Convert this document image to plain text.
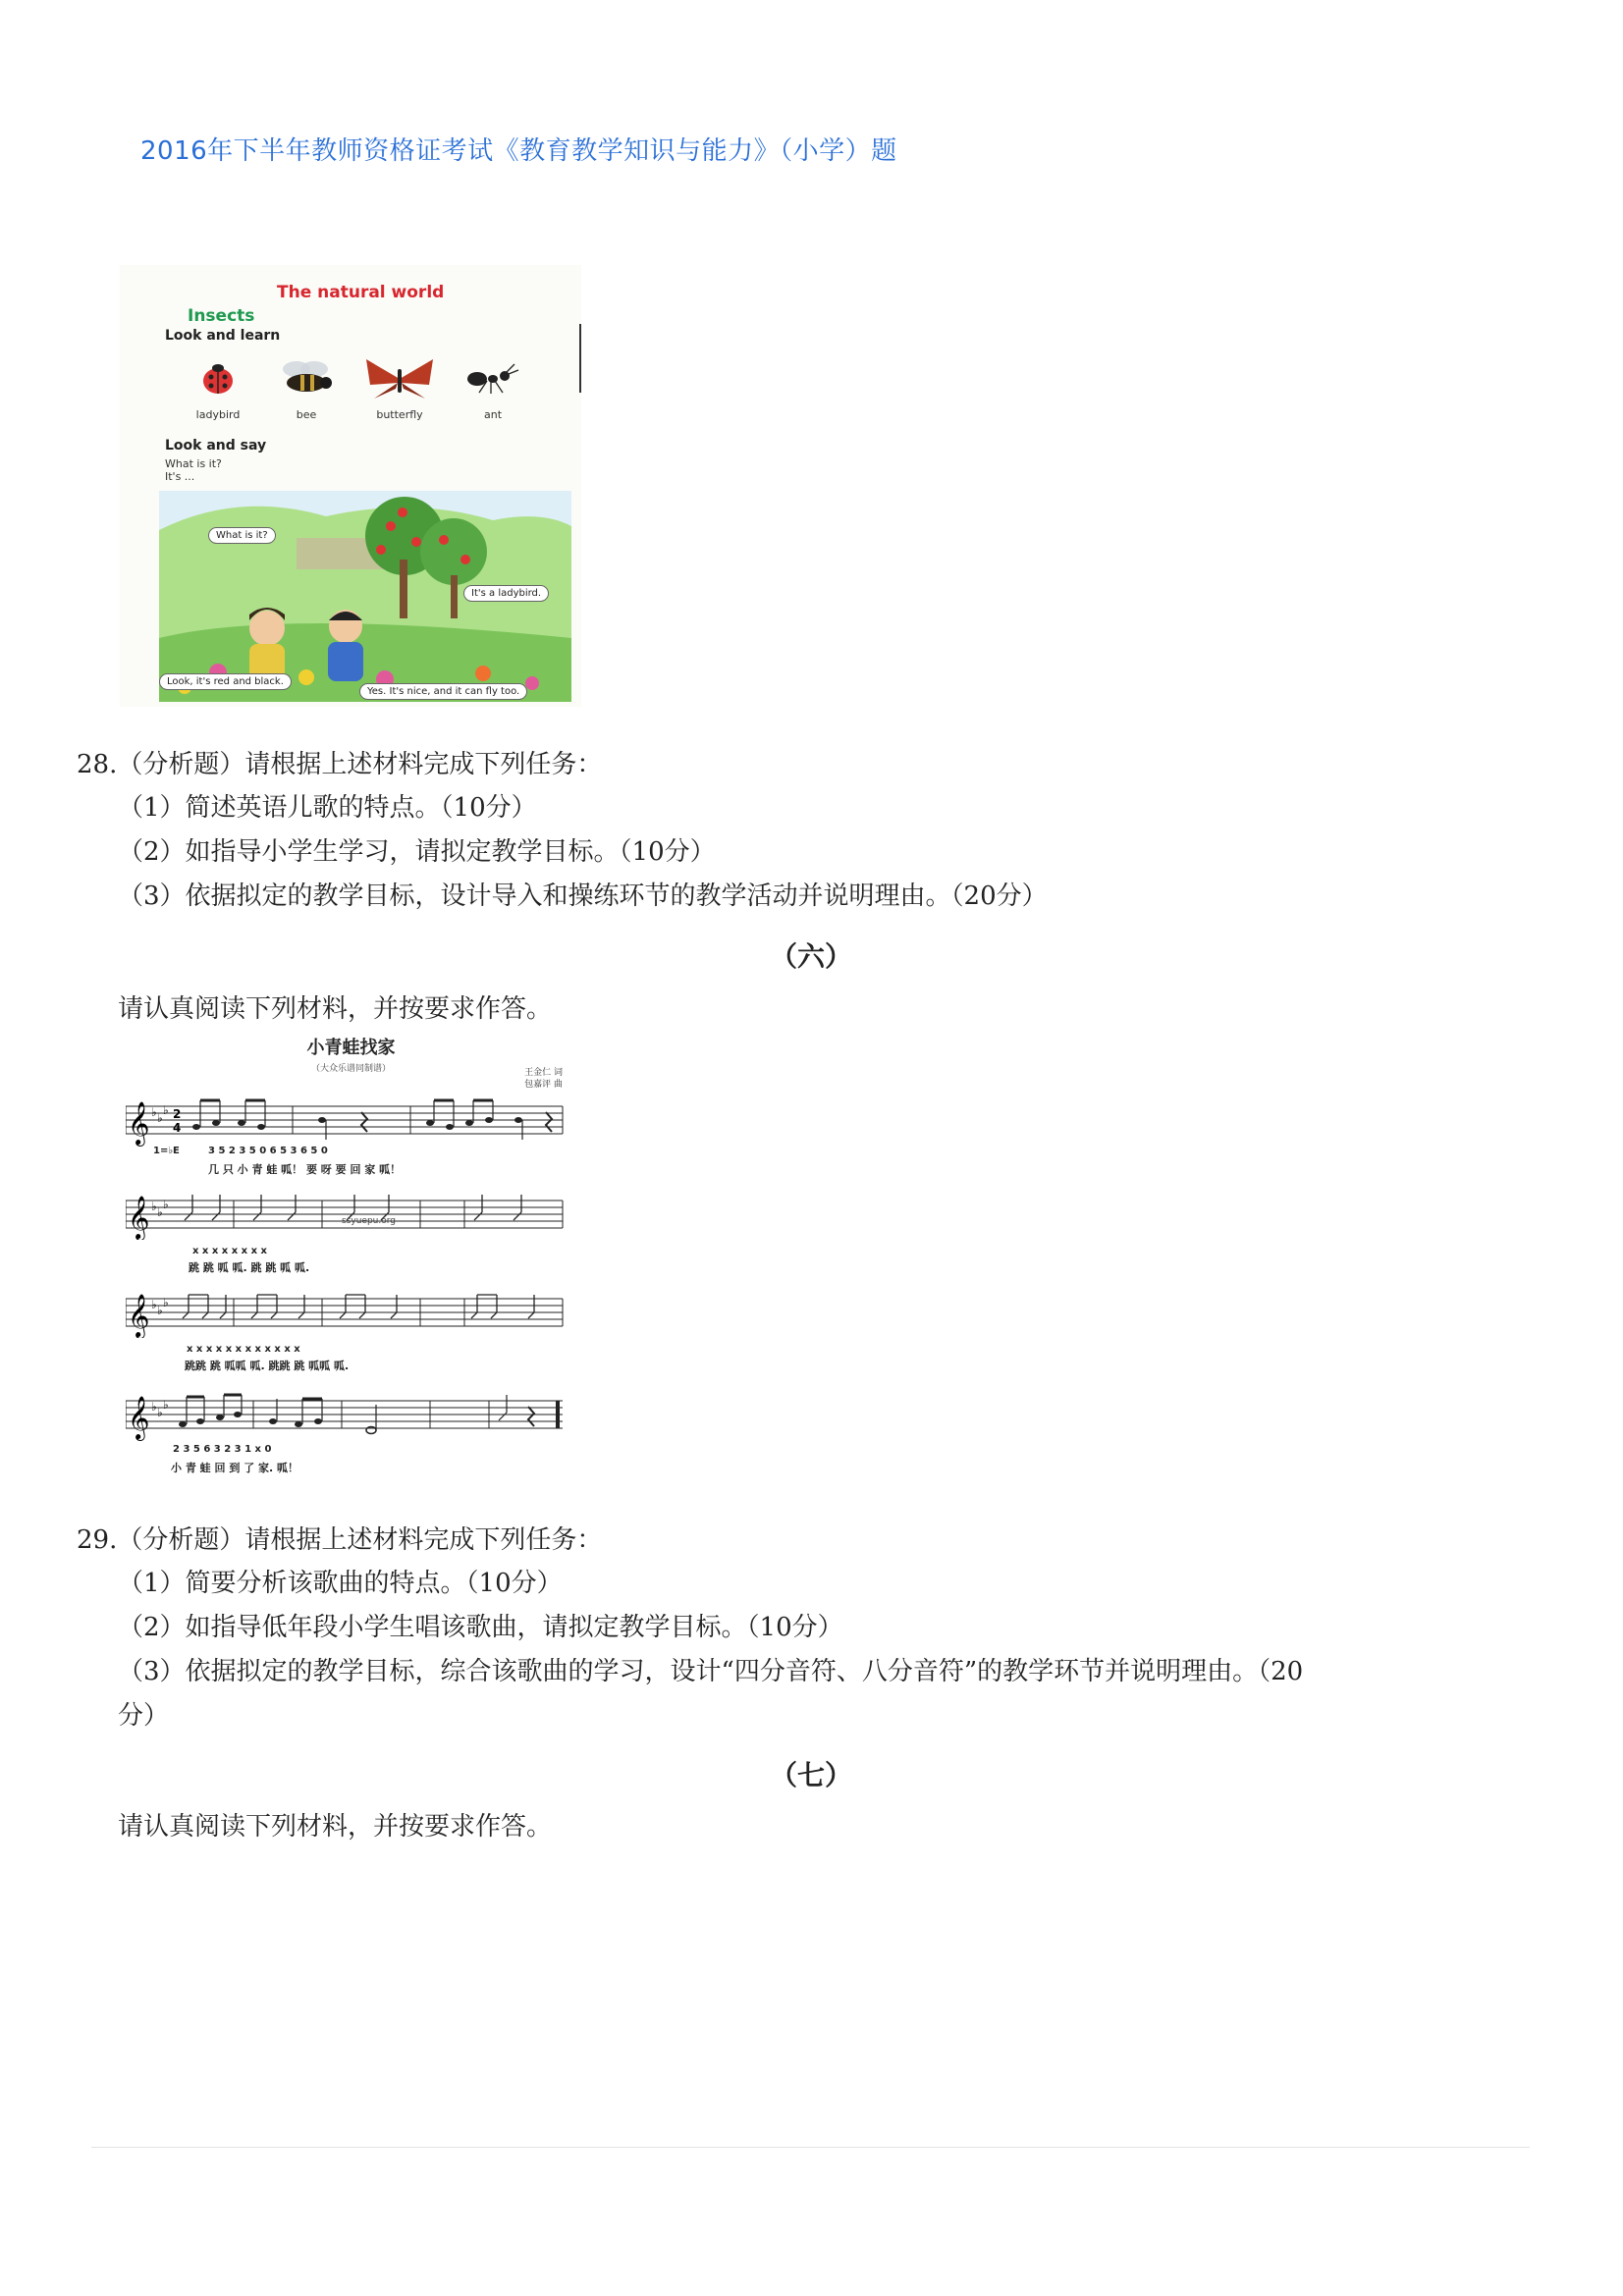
2016年下半年教师资格证考试《教育教学知识与能力》（小学）题
The natural world
Insects
Look and learn
ladybird	bee	butterfly	ant
Look and say
What is it?
It's ...
What is it?
It's a ladybird.
Look, it's red and black.
Yes. It's nice, and it can fly too.
28.（分析题）请根据上述材料完成下列任务：
（1）简述英语儿歌的特点。（10分）
（2）如指导小学生学习，请拟定教学目标。（10分）
（3）依据拟定的教学目标，设计导入和操练环节的教学活动并说明理由。（20分）
（六）
请认真阅读下列材料，并按要求作答。
小青蛙找家
（大众乐谱同制谱）	王金仁 词
包嘉评 曲
𝄞 ♭ ♭
♭ 2
4
1=♭E	3 5 2 3 5 0 6 5 3 6 5 0
几 只 小 青 蛙 呱！ 要 呀 要 回 家 呱！
𝄞 ♭ ♭
♭
ssyuepu.org
x x x x x x x x
跳 跳 呱 呱. 跳 跳 呱 呱.
𝄞 ♭ ♭
♭
x x x x x x x x x x x x
跳跳 跳 呱呱 呱. 跳跳 跳 呱呱 呱.
𝄞 ♭ ♭
♭
2 3 5 6 3 2 3 1 x 0
小 青 蛙 回 到 了 家. 呱！
29.（分析题）请根据上述材料完成下列任务：
（1）简要分析该歌曲的特点。（10分）
（2）如指导低年段小学生唱该歌曲，请拟定教学目标。（10分）
（3）依据拟定的教学目标，综合该歌曲的学习，设计“四分音符、八分音符”的教学环节并说明理由。（20
分）
（七）
请认真阅读下列材料，并按要求作答。
